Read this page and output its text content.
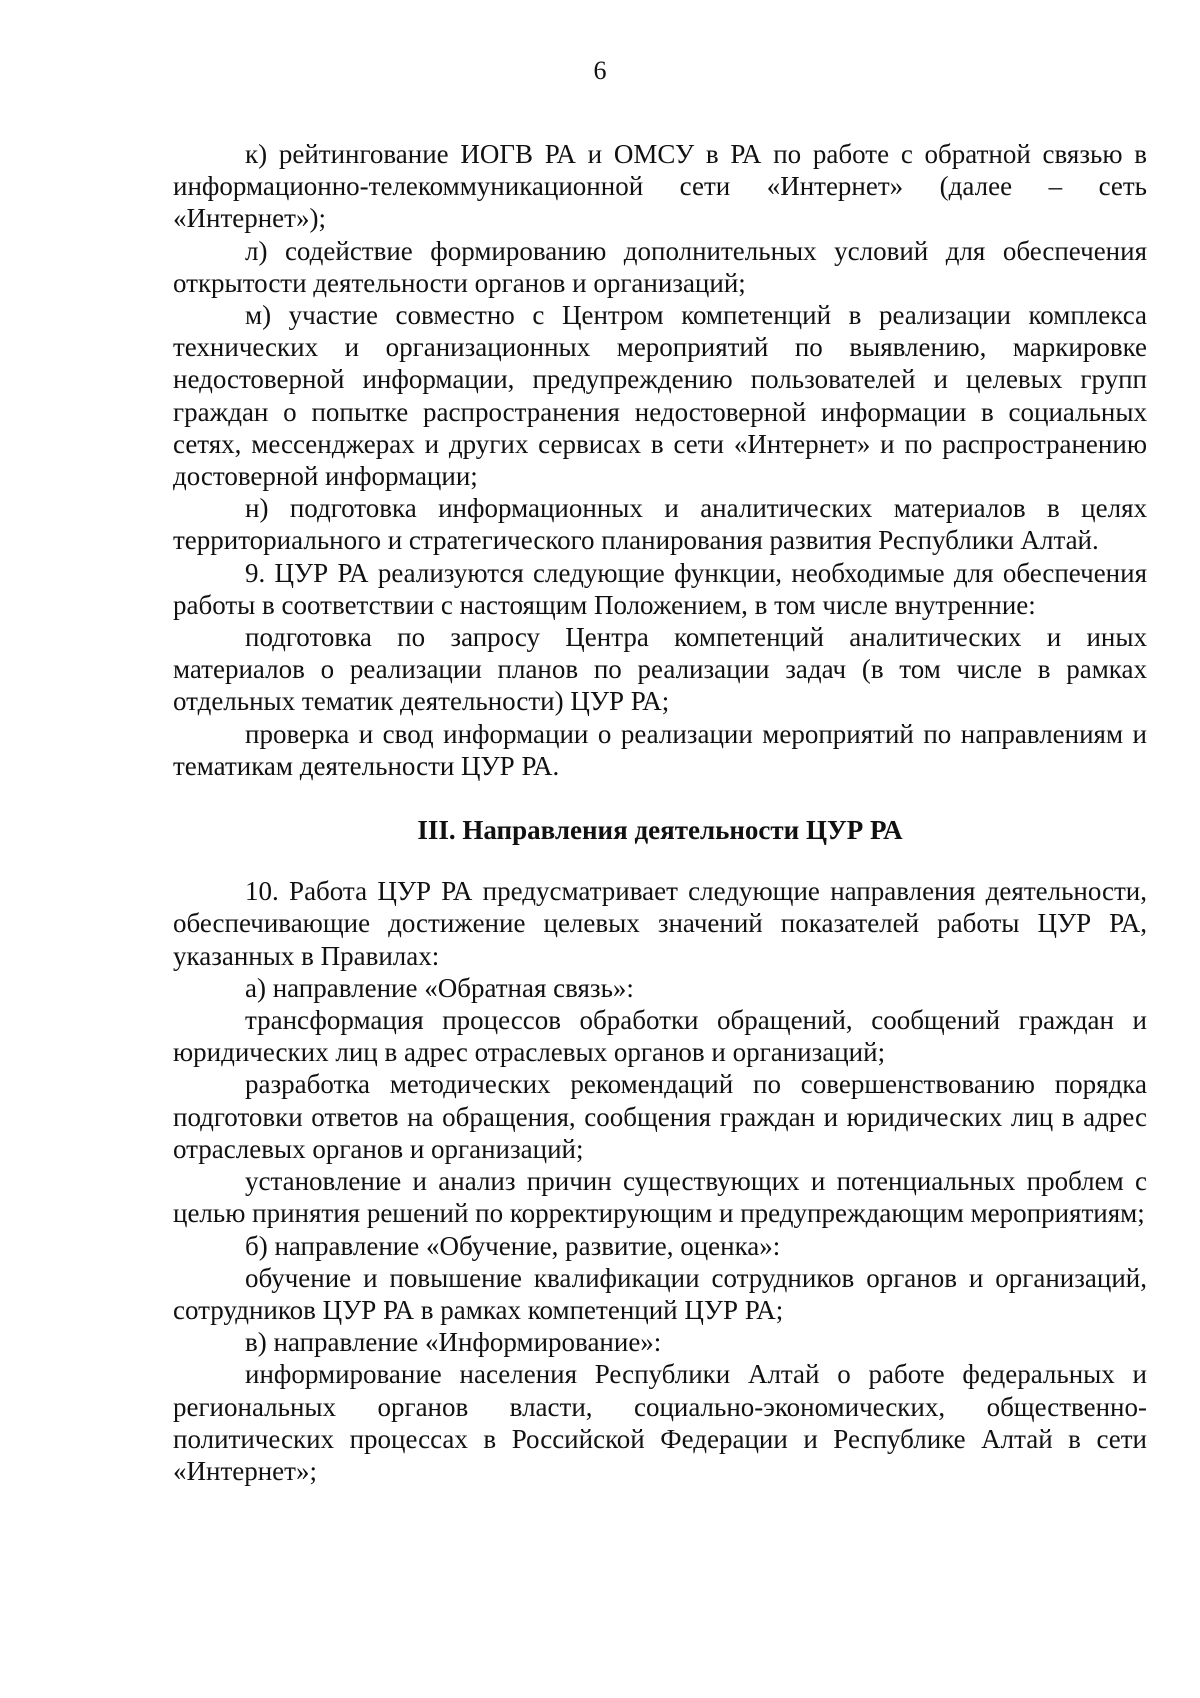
6

к) рейтингование ИОГВ РА и ОМСУ в РА по работе с обратной связью в информационно-телекоммуникационной сети «Интернет» (далее – сеть «Интернет»);

л) содействие формированию дополнительных условий для обеспечения открытости деятельности органов и организаций;

м) участие совместно с Центром компетенций в реализации комплекса технических и организационных мероприятий по выявлению, маркировке недостоверной информации, предупреждению пользователей и целевых групп граждан о попытке распространения недостоверной информации в социальных сетях, мессенджерах и других сервисах в сети «Интернет» и по распространению достоверной информации;

н) подготовка информационных и аналитических материалов в целях территориального и стратегического планирования развития Республики Алтай.

9. ЦУР РА реализуются следующие функции, необходимые для обеспечения работы в соответствии с настоящим Положением, в том числе внутренние:

подготовка по запросу Центра компетенций аналитических и иных материалов о реализации планов по реализации задач (в том числе в рамках отдельных тематик деятельности) ЦУР РА;

проверка и свод информации о реализации мероприятий по направлениям и тематикам деятельности ЦУР РА.

III. Направления деятельности ЦУР РА

10. Работа ЦУР РА предусматривает следующие направления деятельности, обеспечивающие достижение целевых значений показателей работы ЦУР РА, указанных в Правилах:

а) направление «Обратная связь»:

трансформация процессов обработки обращений, сообщений граждан и юридических лиц в адрес отраслевых органов и организаций;

разработка методических рекомендаций по совершенствованию порядка подготовки ответов на обращения, сообщения граждан и юридических лиц в адрес отраслевых органов и организаций;

установление и анализ причин существующих и потенциальных проблем с целью принятия решений по корректирующим и предупреждающим мероприятиям;

б) направление «Обучение, развитие, оценка»:

обучение и повышение квалификации сотрудников органов и организаций, сотрудников ЦУР РА в рамках компетенций ЦУР РА;

в) направление «Информирование»:

информирование населения Республики Алтай о работе федеральных и региональных органов власти, социально-экономических, общественно-политических процессах в Российской Федерации и Республике Алтай в сети «Интернет»;
